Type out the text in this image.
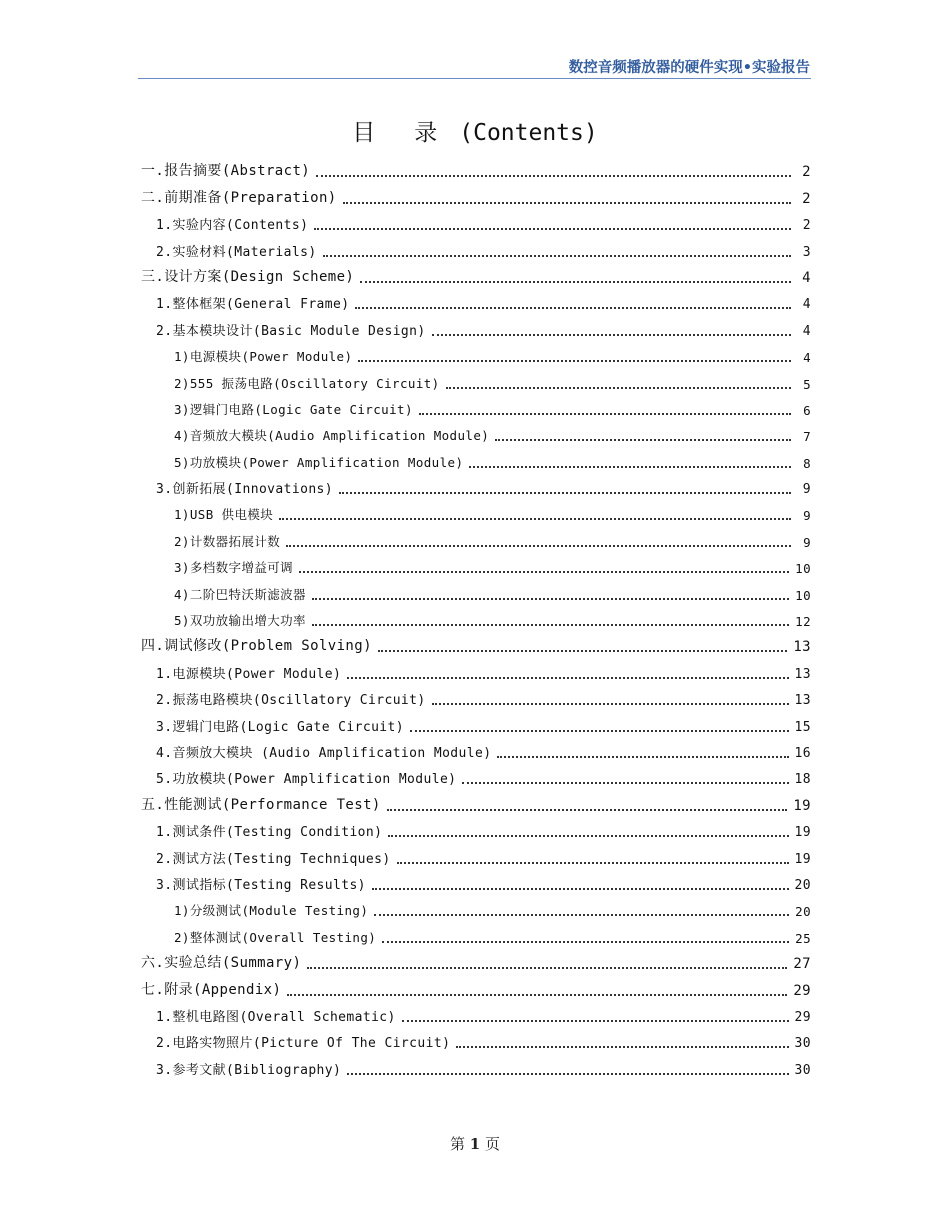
数控音频播放器的硬件实现•实验报告
目　录 (Contents)
一.报告摘要(Abstract)	2
二.前期准备(Preparation)	2
1.实验内容(Contents)	2
2.实验材料(Materials)	3
三.设计方案(Design Scheme)	4
1.整体框架(General Frame)	4
2.基本模块设计(Basic Module Design)	4
1)电源模块(Power Module)	4
2)555 振荡电路(Oscillatory Circuit)	5
3)逻辑门电路(Logic Gate Circuit)	6
4)音频放大模块(Audio Amplification Module)	7
5)功放模块(Power Amplification Module)	8
3.创新拓展(Innovations)	9
1)USB 供电模块	9
2)计数器拓展计数	9
3)多档数字增益可调	10
4)二阶巴特沃斯滤波器	10
5)双功放输出增大功率	12
四.调试修改(Problem Solving)	13
1.电源模块(Power Module)	13
2.振荡电路模块(Oscillatory Circuit)	13
3.逻辑门电路(Logic Gate Circuit)	15
4.音频放大模块 (Audio Amplification Module)	16
5.功放模块(Power Amplification Module)	18
五.性能测试(Performance Test)	19
1.测试条件(Testing Condition)	19
2.测试方法(Testing Techniques)	19
3.测试指标(Testing Results)	20
1)分级测试(Module Testing)	20
2)整体测试(Overall Testing)	25
六.实验总结(Summary)	27
七.附录(Appendix)	29
1.整机电路图(Overall Schematic)	29
2.电路实物照片(Picture Of The Circuit)	30
3.参考文献(Bibliography)	30
第 1 页
